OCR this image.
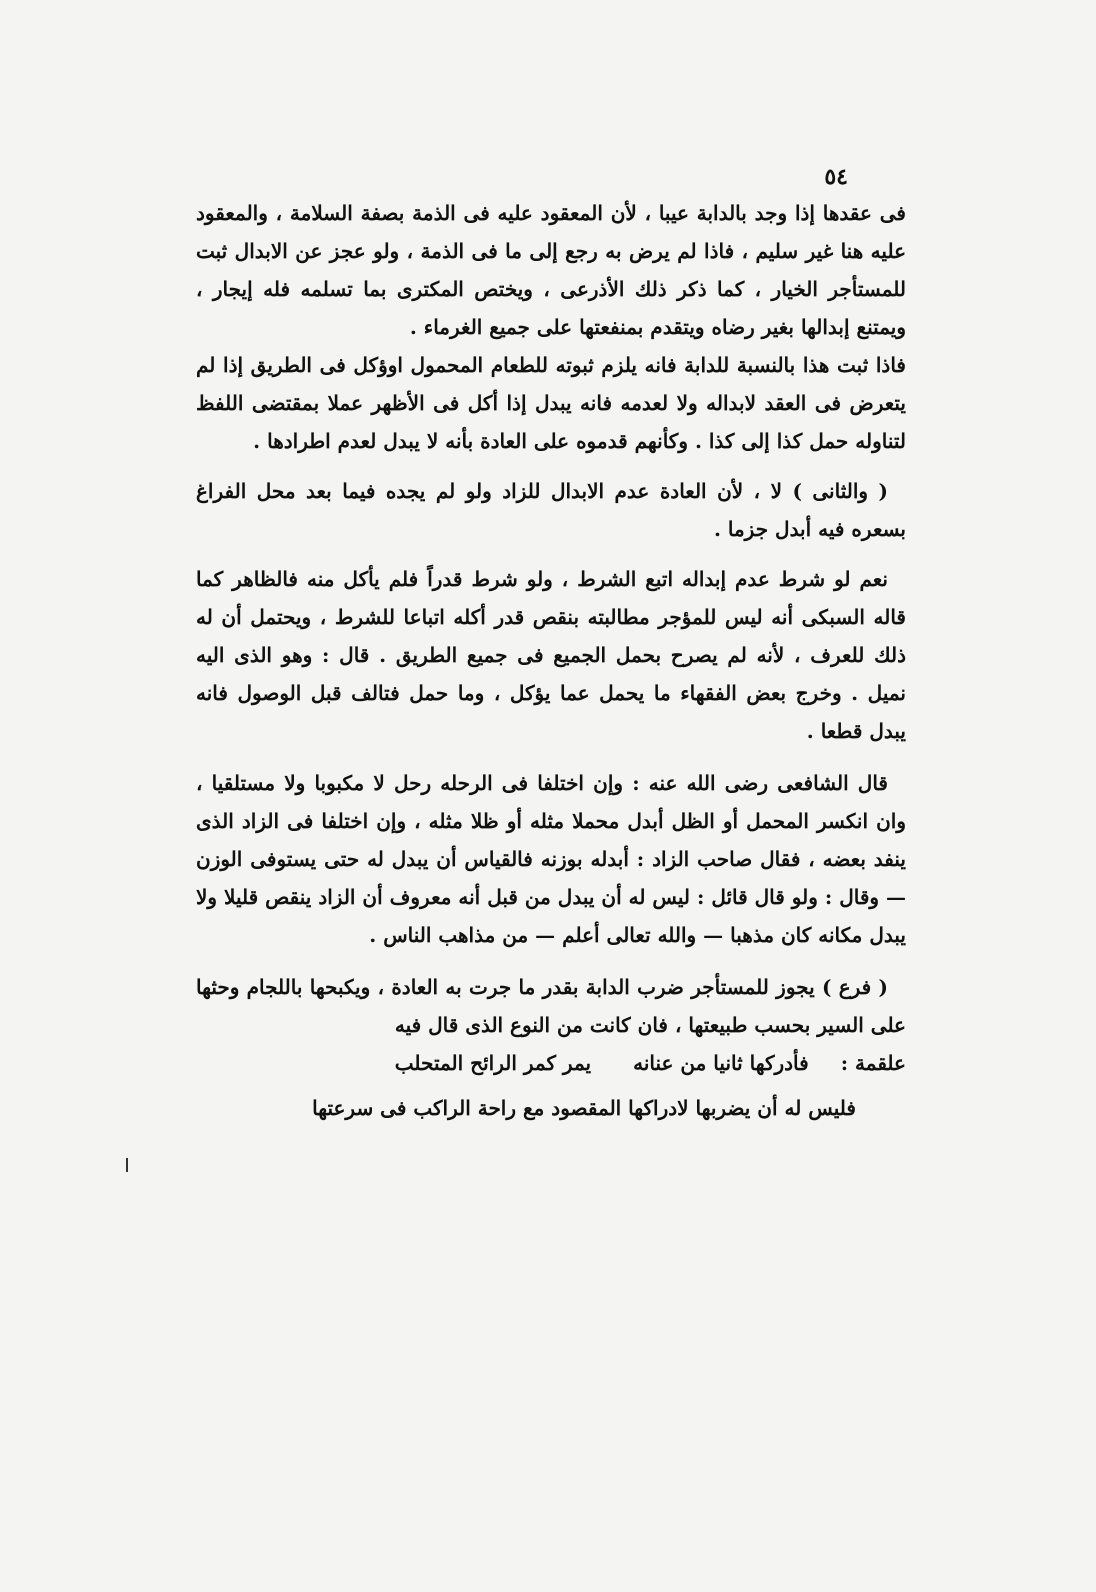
٥٤

فى عقدها إذا وجد بالدابة عيبا ، لأن المعقود عليه فى الذمة بصفة السلامة ، والمعقود عليه هنا غير سليم ، فاذا لم يرض به رجع إلى ما فى الذمة ، ولو عجز عن الابدال ثبت للمستأجر الخيار ، كما ذكر ذلك الأذرعى ، ويختص المكترى بما تسلمه فله إيجار ، ويمتنع إبدالها بغير رضاه ويتقدم بمنفعتها على جميع الغرماء .

فاذا ثبت هذا بالنسبة للدابة فانه يلزم ثبوته للطعام المحمول اوؤكل فى الطريق إذا لم يتعرض فى العقد لابداله ولا لعدمه فانه يبدل إذا أكل فى الأظهر عملا بمقتضى اللفظ لتناوله حمل كذا إلى كذا . وكأنهم قدموه على العادة بأنه لا يبدل لعدم اطرادها .

( والثانى ) لا ، لأن العادة عدم الابدال للزاد ولو لم يجده فيما بعد محل الفراغ بسعره فيه أبدل جزما .

نعم لو شرط عدم إبداله اتبع الشرط ، ولو شرط قدراً فلم يأكل منه فالظاهر كما قاله السبكى أنه ليس للمؤجر مطالبته بنقص قدر أكله اتباعا للشرط ، ويحتمل أن له ذلك للعرف ، لأنه لم يصرح بحمل الجميع فى جميع الطريق . قال : وهو الذى اليه نميل . وخرج بعض الفقهاء ما يحمل عما يؤكل ، وما حمل فتالف قبل الوصول فانه يبدل قطعا .

قال الشافعى رضى الله عنه : وإن اختلفا فى الرحله رحل لا مكبوبا ولا مستلقيا ، وان انكسر المحمل أو الظل أبدل محملا مثله أو ظلا مثله ، وإن اختلفا فى الزاد الذى ينفد بعضه ، فقال صاحب الزاد : أبدله بوزنه فالقياس أن يبدل له حتى يستوفى الوزن — وقال : ولو قال قائل : ليس له أن يبدل من قبل أنه معروف أن الزاد ينقص قليلا ولا يبدل مكانه كان مذهبا — والله تعالى أعلم — من مذاهب الناس .

( فرع ) يجوز للمستأجر ضرب الدابة بقدر ما جرت به العادة ، ويكبحها باللجام وحثها على السير بحسب طبيعتها ، فان كانت من النوع الذى قال فيه

علقمة :
فأدركها ثانيا من عنانه
يمر كمر الرائح المتحلب
فليس له أن يضربها لادراكها المقصود مع راحة الراكب فى سرعتها
